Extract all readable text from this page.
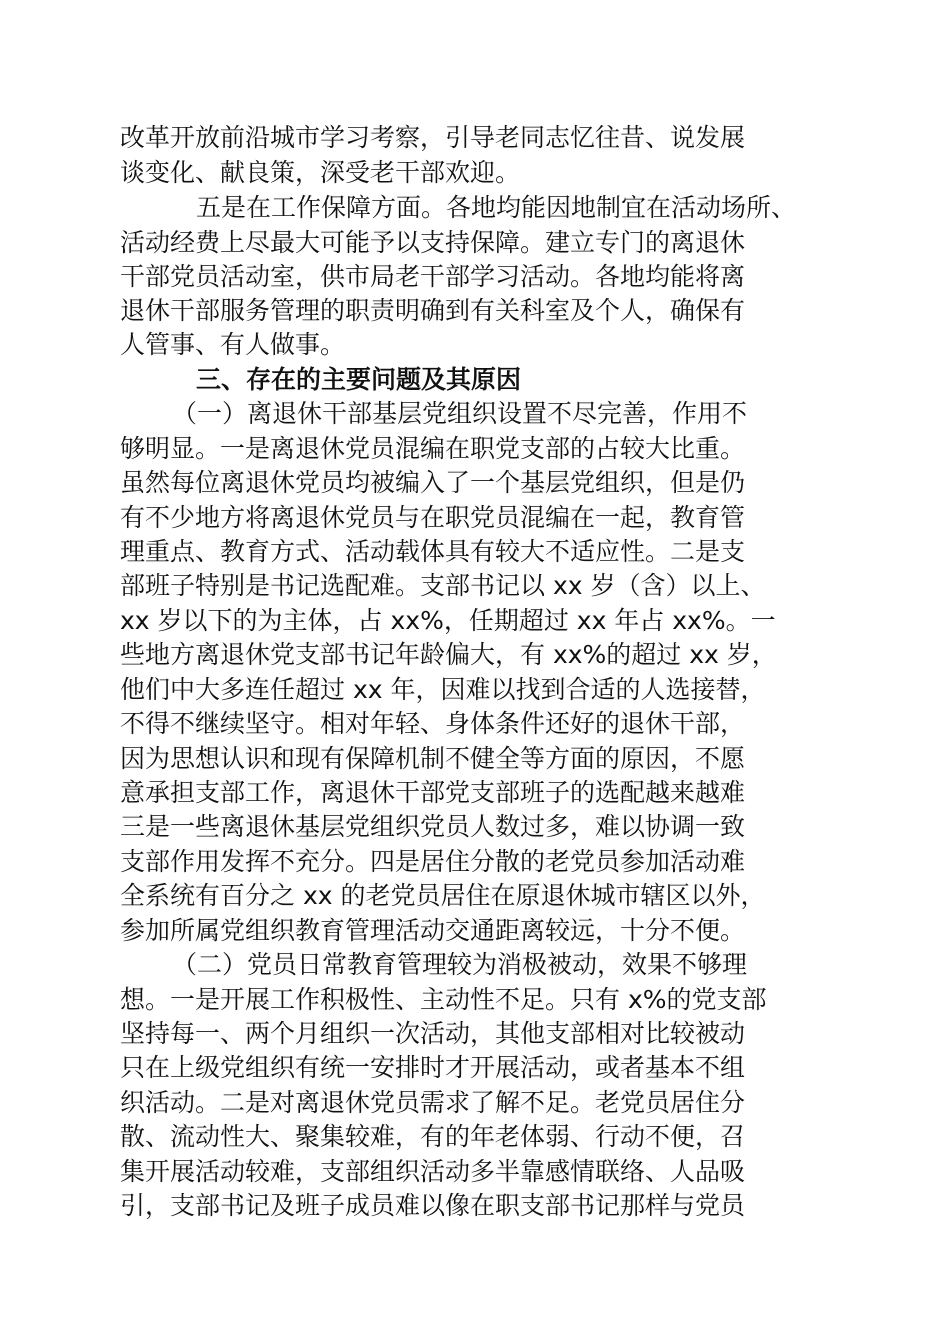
改革开放前沿城市学习考察，引导老同志忆往昔、说发展
谈变化、献良策，深受老干部欢迎。
五是在工作保障方面。各地均能因地制宜在活动场所、
活动经费上尽最大可能予以支持保障。建立专门的离退休
干部党员活动室，供市局老干部学习活动。各地均能将离
退休干部服务管理的职责明确到有关科室及个人，确保有
人管事、有人做事。
三、存在的主要问题及其原因
（一）离退休干部基层党组织设置不尽完善，作用不
够明显。一是离退休党员混编在职党支部的占较大比重。
虽然每位离退休党员均被编入了一个基层党组织，但是仍
有不少地方将离退休党员与在职党员混编在一起，教育管
理重点、教育方式、活动载体具有较大不适应性。二是支
部班子特别是书记选配难。支部书记以 xx 岁（含）以上、
xx 岁以下的为主体，占 xx%，任期超过 xx 年占 xx%。一
些地方离退休党支部书记年龄偏大，有 xx%的超过 xx 岁，
他们中大多连任超过 xx 年，因难以找到合适的人选接替，
不得不继续坚守。相对年轻、身体条件还好的退休干部，
因为思想认识和现有保障机制不健全等方面的原因，不愿
意承担支部工作，离退休干部党支部班子的选配越来越难
三是一些离退休基层党组织党员人数过多，难以协调一致
支部作用发挥不充分。四是居住分散的老党员参加活动难
全系统有百分之 xx 的老党员居住在原退休城市辖区以外，
参加所属党组织教育管理活动交通距离较远，十分不便。
（二）党员日常教育管理较为消极被动，效果不够理
想。一是开展工作积极性、主动性不足。只有 x%的党支部
坚持每一、两个月组织一次活动，其他支部相对比较被动
只在上级党组织有统一安排时才开展活动，或者基本不组
织活动。二是对离退休党员需求了解不足。老党员居住分
散、流动性大、聚集较难，有的年老体弱、行动不便，召
集开展活动较难，支部组织活动多半靠感情联络、人品吸
引，支部书记及班子成员难以像在职支部书记那样与党员
